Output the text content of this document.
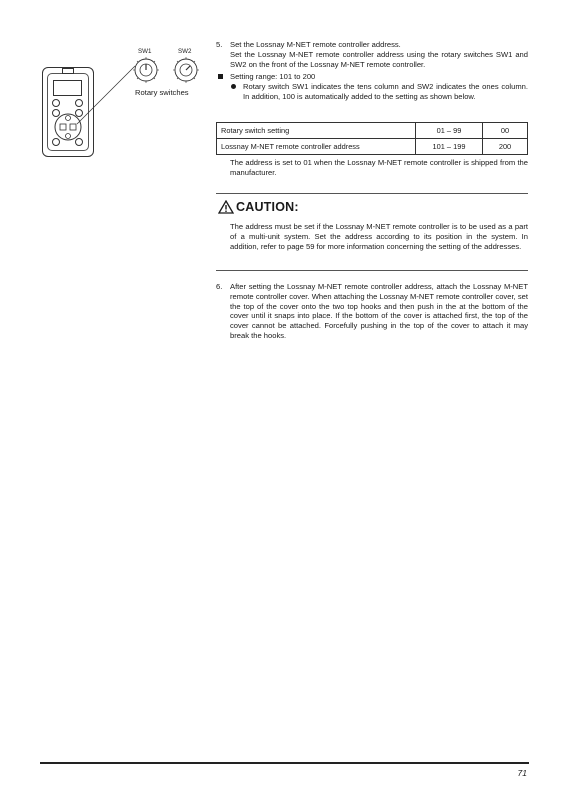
SW1	SW2
Rotary switches
5. Set the Lossnay M-NET remote controller address.
Set the Lossnay M-NET remote controller address using the rotary switches SW1 and SW2 on the front of the Lossnay M-NET remote controller.
Setting range: 101 to 200
Rotary switch SW1 indicates the tens column and SW2 indicates the ones column. In addition, 100 is automatically added to the setting as shown below.
Rotary switch setting	01 – 99	00
Lossnay M-NET remote controller address	101 – 199	200
The address is set to 01 when the Lossnay M-NET remote controller is shipped from the manufacturer.
CAUTION:
The address must be set if the Lossnay M-NET remote controller is to be used as a part of a multi-unit system. Set the address according to its position in the system. In addition, refer to page 59 for more information concerning the setting of the addresses.
6. After setting the Lossnay M-NET remote controller address, attach the Lossnay M-NET remote controller cover. When attaching the Lossnay M-NET remote controller cover, set the top of the cover onto the two top hooks and then push in the at the bottom of the cover until it snaps into place. If the bottom of the cover is attached first, the top of the cover cannot be attached. Forcefully pushing in the top of the cover to attach it may break the hooks.
71
